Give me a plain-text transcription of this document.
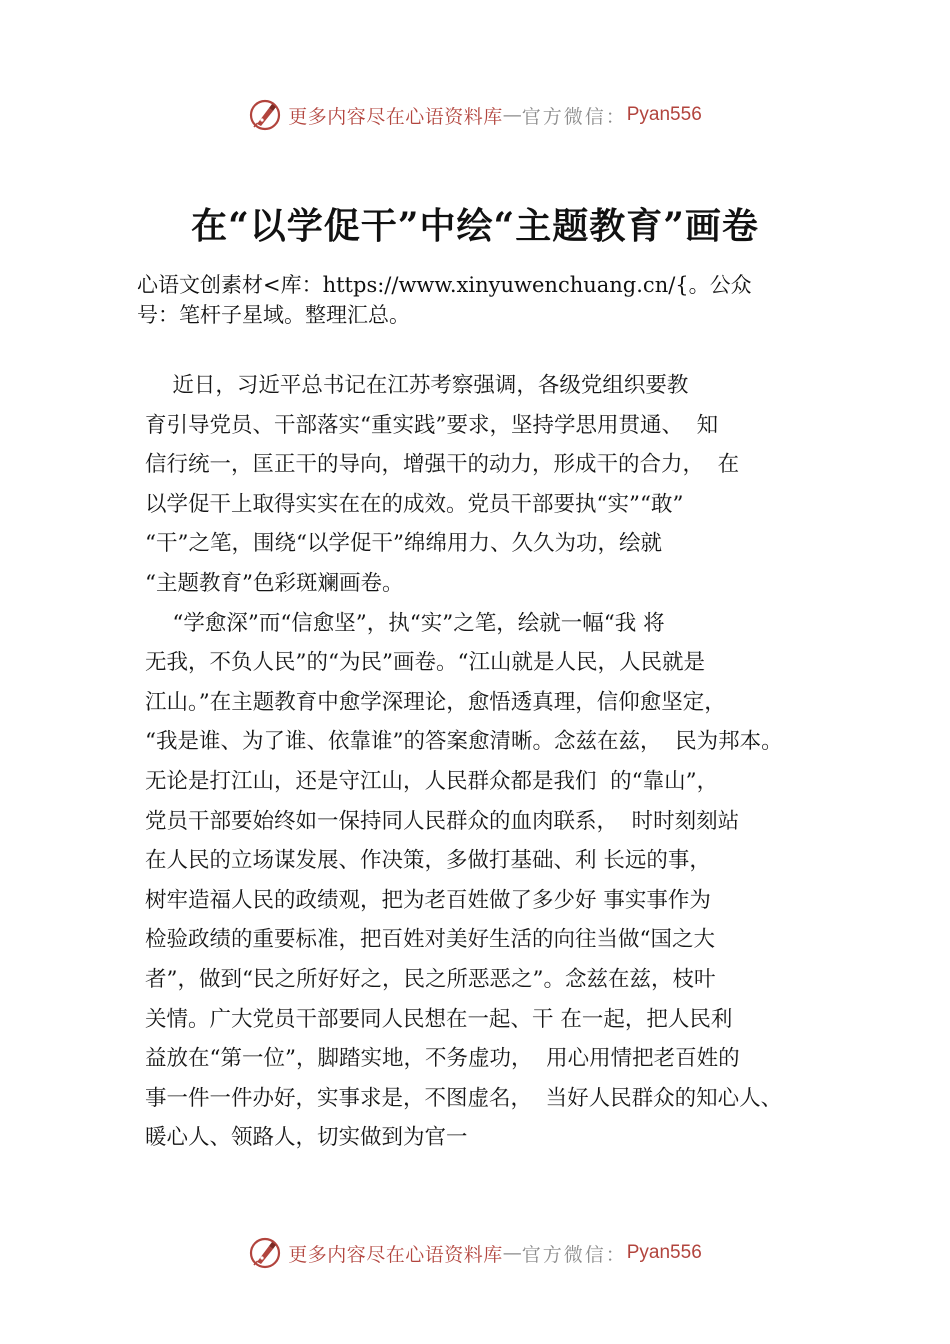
更多内容尽在心语资料库 — 官方微信： Pyan556
在“以学促干”中绘“主题教育”画卷
心语文创素材<库：https://www.xinyuwenchuang.cn/{。公众
号：笔杆子星域。整理汇总。
近日，习近平总书记在江苏考察强调，各级党组织要教
育引导党员、干部落实“重实践”要求，坚持学思用贯通、  知
信行统一，匡正干的导向，增强干的动力，形成干的合力，  在
以学促干上取得实实在在的成效。党员干部要执“实”“敢”
“干”之笔，围绕“以学促干”绵绵用力、久久为功，绘就
“主题教育”色彩斑斓画卷。
“学愈深”而“信愈坚”，执“实”之笔，绘就一幅“我 将
无我，不负人民”的“为民”画卷。“江山就是人民，人民就是
江山。”在主题教育中愈学深理论，愈悟透真理，信仰愈坚定，
“我是谁、为了谁、依靠谁”的答案愈清晰。念兹在兹，  民为邦本。
无论是打江山，还是守江山，人民群众都是我们  的“靠山”，
党员干部要始终如一保持同人民群众的血肉联系，  时时刻刻站
在人民的立场谋发展、作决策，多做打基础、利 长远的事，
树牢造福人民的政绩观，把为老百姓做了多少好 事实事作为
检验政绩的重要标准，把百姓对美好生活的向往当做“国之大
者”，做到“民之所好好之，民之所恶恶之”。念兹在兹，枝叶
关情。广大党员干部要同人民想在一起、干 在一起，把人民利
益放在“第一位”，脚踏实地，不务虚功，  用心用情把老百姓的
事一件一件办好，实事求是，不图虚名，  当好人民群众的知心人、
暖心人、领路人，切实做到为官一
更多内容尽在心语资料库 — 官方微信： Pyan556
